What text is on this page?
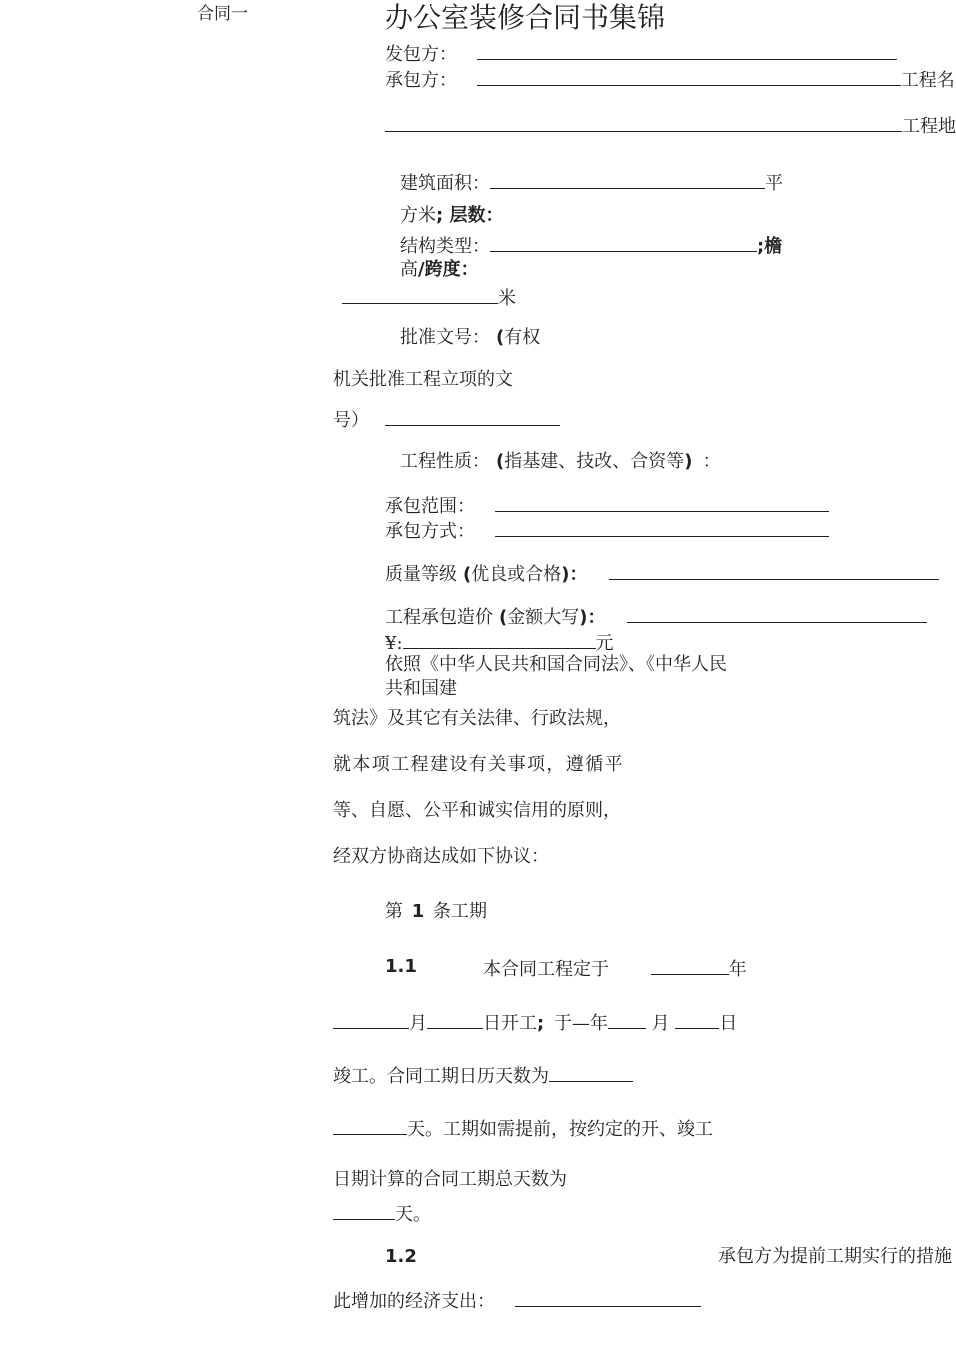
合同一	办公室装修合同书集锦
发包方：
承包方：	工程名
工程地
建筑面积：	平
方米; 层数：
结构类型：	;檐
高/跨度：
米
批准文号： (有权
机关批准工程立项的文
号）
工程性质： (指基建、技改、合资等) ：
承包范围：
承包方式：
质量等级 (优良或合格)：
工程承包造价 (金额大写)：
¥:	元
依照《中华人民共和国合同法》、《中华人民
共和国建
筑法》及其它有关法律、行政法规，
就本项工程建设有关事项，遵循平
等、自愿、公平和诚实信用的原则，
经双方协商达成如下协议：
第 1 条工期
1.1	本合同工程定于	年
月	日开工; 于—年 月	日
竣工。合同工期日历天数为
天。工期如需提前，按约定的开、竣工
日期计算的合同工期总天数为
天。
1.2	承包方为提前工期实行的措施
此增加的经济支出：
